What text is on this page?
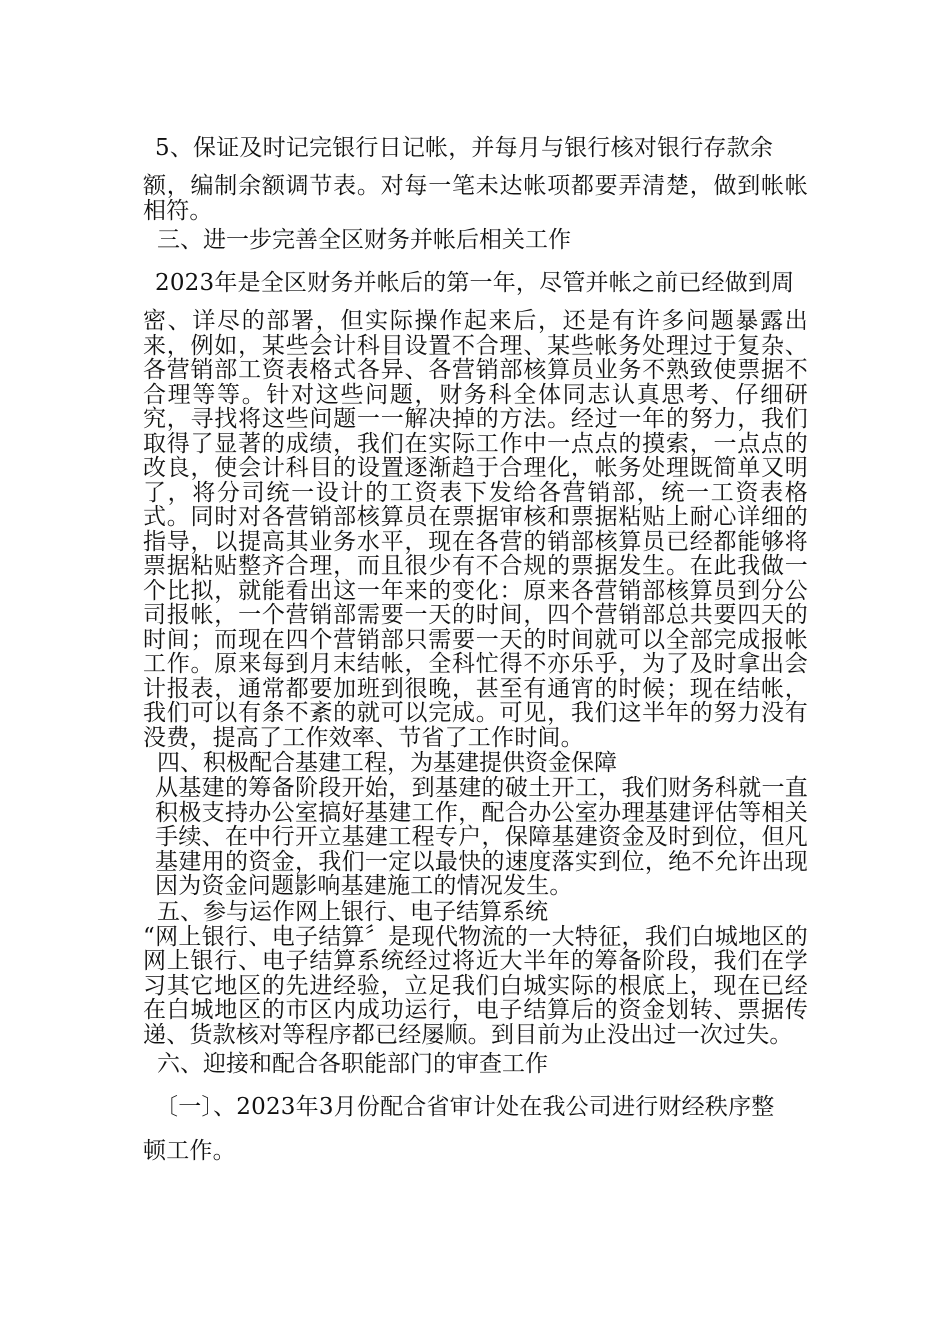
5、保证及时记完银行日记帐，并每月与银行核对银行存款余
额，编制余额调节表。对每一笔未达帐项都要弄清楚，做到帐帐相符。

三、进一步完善全区财务并帐后相关工作

2023年是全区财务并帐后的第一年，尽管并帐之前已经做到周
密、详尽的部署，但实际操作起来后，还是有许多问题暴露出来，例如，某些会计科目设置不合理、某些帐务处理过于复杂、各营销部工资表格式各异、各营销部核算员业务不熟致使票据不合理等等。针对这些问题，财务科全体同志认真思考、仔细研究，寻找将这些问题一一解决掉的方法。经过一年的努力，我们取得了显著的成绩，我们在实际工作中一点点的摸索，一点点的改良，使会计科目的设置逐渐趋于合理化，帐务处理既简单又明了，将分司统一设计的工资表下发给各营销部，统一工资表格式。同时对各营销部核算员在票据审核和票据粘贴上耐心详细的指导，以提高其业务水平，现在各营的销部核算员已经都能够将票据粘贴整齐合理，而且很少有不合规的票据发生。在此我做一个比拟，就能看出这一年来的变化：原来各营销部核算员到分公司报帐，一个营销部需要一天的时间，四个营销部总共要四天的时间；而现在四个营销部只需要一天的时间就可以全部完成报帐工作。原来每到月末结帐，全科忙得不亦乐乎，为了及时拿出会计报表，通常都要加班到很晚，甚至有通宵的时候；现在结帐，我们可以有条不紊的就可以完成。可见，我们这半年的努力没有没费，提高了工作效率、节省了工作时间。

四、积极配合基建工程，为基建提供资金保障

从基建的筹备阶段开始，到基建的破土开工，我们财务科就一直积极支持办公室搞好基建工作，配合办公室办理基建评估等相关手续、在中行开立基建工程专户，保障基建资金及时到位，但凡基建用的资金，我们一定以最快的速度落实到位，绝不允许出现因为资金问题影响基建施工的情况发生。

五、参与运作网上银行、电子结算系统

“网上银行、电子结算〞是现代物流的一大特征，我们白城地区的网上银行、电子结算系统经过将近大半年的筹备阶段，我们在学习其它地区的先进经验，立足我们白城实际的根底上，现在已经在白城地区的市区内成功运行，电子结算后的资金划转、票据传递、货款核对等程序都已经屡顺。到目前为止没出过一次过失。

六、迎接和配合各职能部门的审查工作

〔一〕、2023年3月份配合省审计处在我公司进行财经秩序整
顿工作。
